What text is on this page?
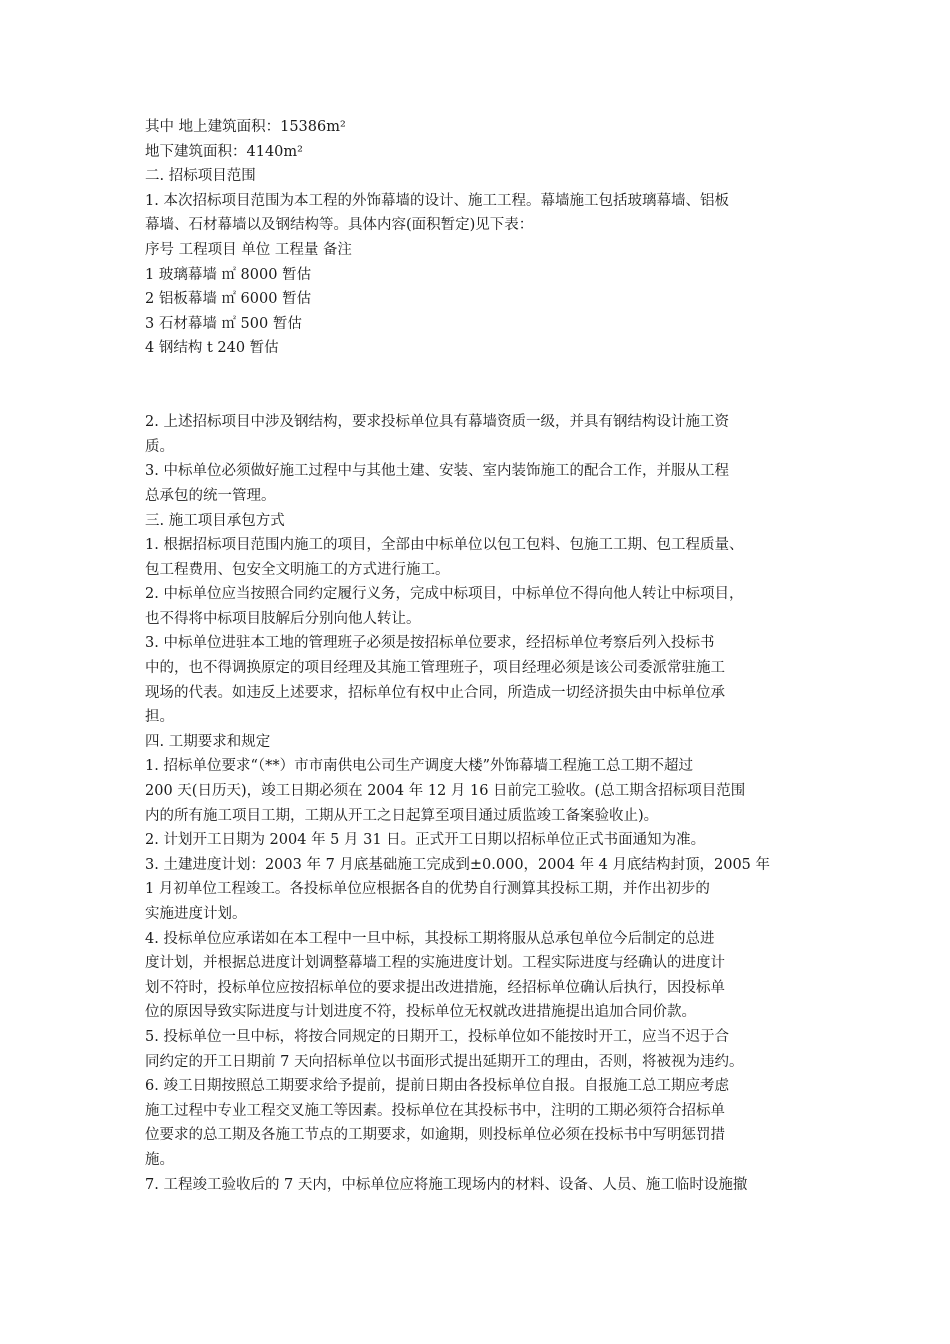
其中 地上建筑面积：15386m²
地下建筑面积：4140m²
二. 招标项目范围
1. 本次招标项目范围为本工程的外饰幕墙的设计、施工工程。幕墙施工包括玻璃幕墙、铝板
幕墙、石材幕墙以及钢结构等。具体内容(面积暂定)见下表：
序号 工程项目 单位 工程量 备注
1 玻璃幕墙 ㎡ 8000 暂估
2 铝板幕墙 ㎡ 6000 暂估
3 石材幕墙 ㎡ 500 暂估
4 钢结构 t 240 暂估
2. 上述招标项目中涉及钢结构，要求投标单位具有幕墙资质一级，并具有钢结构设计施工资
质。
3. 中标单位必须做好施工过程中与其他土建、安装、室内装饰施工的配合工作，并服从工程
总承包的统一管理。
三. 施工项目承包方式
1. 根据招标项目范围内施工的项目，全部由中标单位以包工包料、包施工工期、包工程质量、
包工程费用、包安全文明施工的方式进行施工。
2. 中标单位应当按照合同约定履行义务，完成中标项目，中标单位不得向他人转让中标项目，
也不得将中标项目肢解后分别向他人转让。
3. 中标单位进驻本工地的管理班子必须是按招标单位要求，经招标单位考察后列入投标书
中的，也不得调换原定的项目经理及其施工管理班子，项目经理必须是该公司委派常驻施工
现场的代表。如违反上述要求，招标单位有权中止合同，所造成一切经济损失由中标单位承
担。
四. 工期要求和规定
1. 招标单位要求“（**）市市南供电公司生产调度大楼”外饰幕墙工程施工总工期不超过
200 天(日历天)，竣工日期必须在 2004 年 12 月 16 日前完工验收。(总工期含招标项目范围
内的所有施工项目工期，工期从开工之日起算至项目通过质监竣工备案验收止)。
2. 计划开工日期为 2004 年 5 月 31 日。正式开工日期以招标单位正式书面通知为准。
3. 土建进度计划：2003 年 7 月底基础施工完成到±0.000，2004 年 4 月底结构封顶，2005 年
1 月初单位工程竣工。各投标单位应根据各自的优势自行测算其投标工期，并作出初步的
实施进度计划。
4. 投标单位应承诺如在本工程中一旦中标，其投标工期将服从总承包单位今后制定的总进
度计划，并根据总进度计划调整幕墙工程的实施进度计划。工程实际进度与经确认的进度计
划不符时，投标单位应按招标单位的要求提出改进措施，经招标单位确认后执行，因投标单
位的原因导致实际进度与计划进度不符，投标单位无权就改进措施提出追加合同价款。
5. 投标单位一旦中标，将按合同规定的日期开工，投标单位如不能按时开工，应当不迟于合
同约定的开工日期前 7 天向招标单位以书面形式提出延期开工的理由，否则，将被视为违约。
6. 竣工日期按照总工期要求给予提前，提前日期由各投标单位自报。自报施工总工期应考虑
施工过程中专业工程交叉施工等因素。投标单位在其投标书中，注明的工期必须符合招标单
位要求的总工期及各施工节点的工期要求，如逾期，则投标单位必须在投标书中写明惩罚措
施。
7. 工程竣工验收后的 7 天内，中标单位应将施工现场内的材料、设备、人员、施工临时设施撤
